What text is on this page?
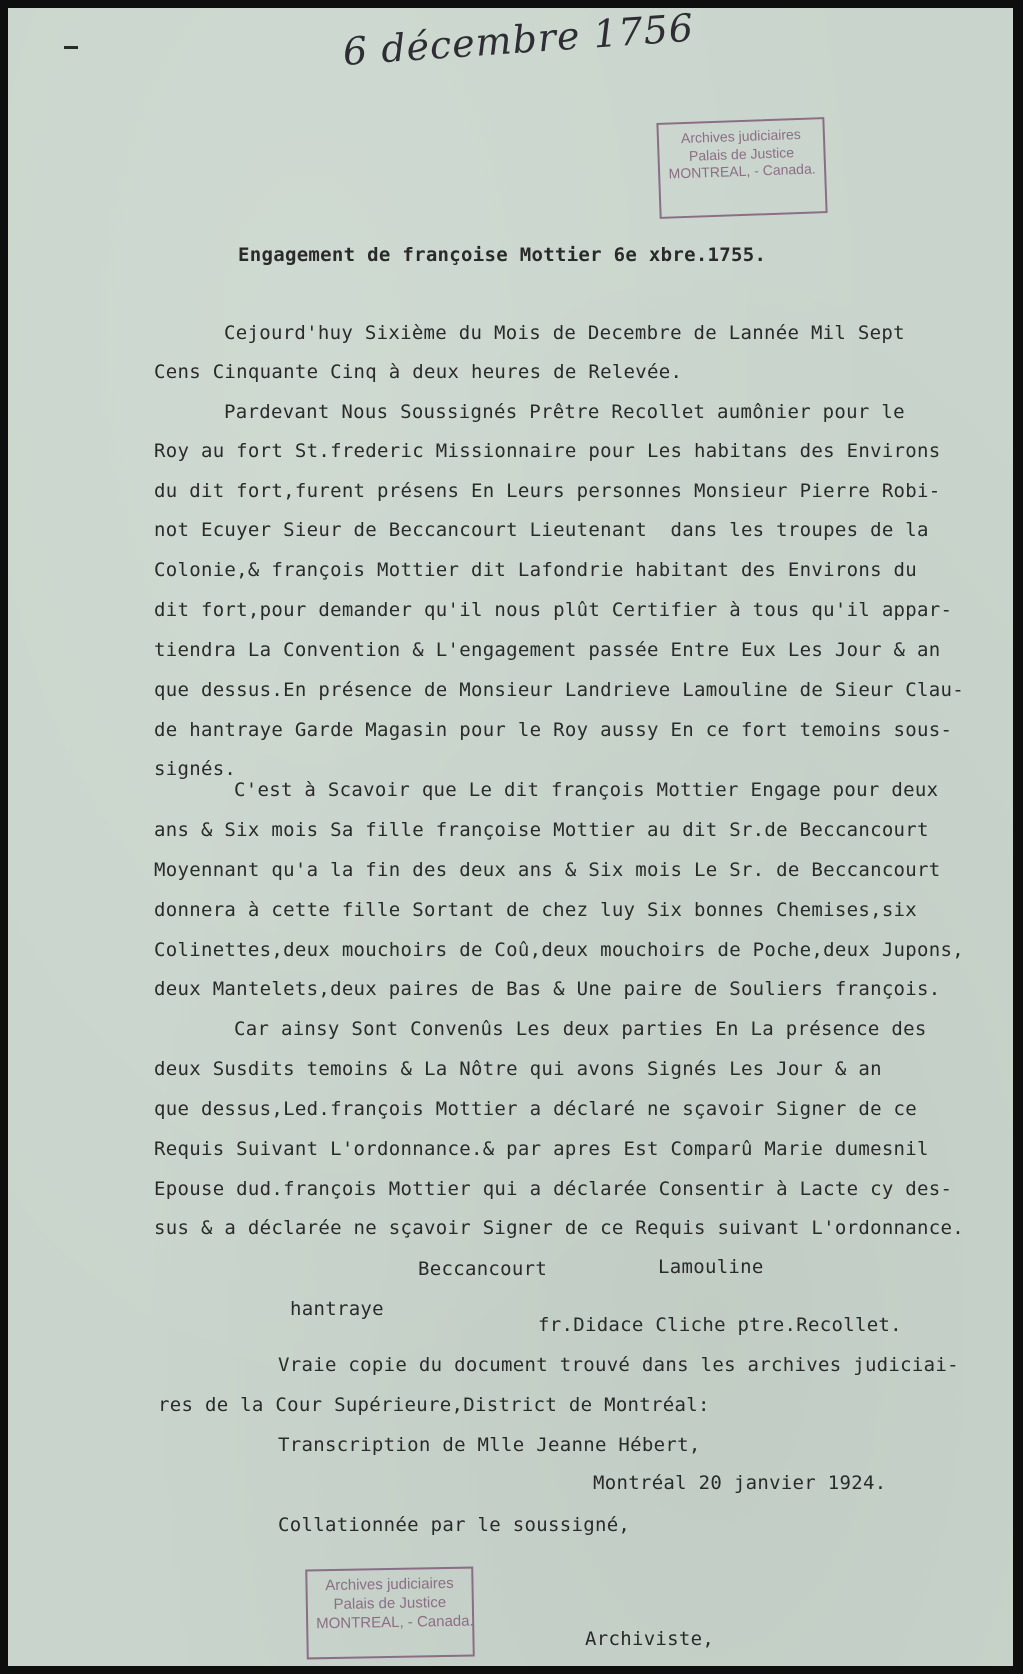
6 décembre 1756
Archives judiciaires
Palais de Justice
MONTREAL, - Canada.
Engagement de françoise Mottier 6e xbre.1755.
Cejourd'huy Sixième du Mois de Decembre de Lannée Mil Sept
Cens Cinquante Cinq à deux heures de Relevée.
Pardevant Nous Soussignés Prêtre Recollet aumônier pour le
Roy au fort St.frederic Missionnaire pour Les habitans des Environs
du dit fort,furent présens En Leurs personnes Monsieur Pierre Robi-
not Ecuyer Sieur de Beccancourt Lieutenant  dans les troupes de la
Colonie,& françois Mottier dit Lafondrie habitant des Environs du
dit fort,pour demander qu'il nous plût Certifier à tous qu'il appar-
tiendra La Convention & L'engagement passée Entre Eux Les Jour & an
que dessus.En présence de Monsieur Landrieve Lamouline de Sieur Clau-
de hantraye Garde Magasin pour le Roy aussy En ce fort temoins sous-
signés.
C'est à Scavoir que Le dit françois Mottier Engage pour deux
ans & Six mois Sa fille françoise Mottier au dit Sr.de Beccancourt
Moyennant qu'a la fin des deux ans & Six mois Le Sr. de Beccancourt
donnera à cette fille Sortant de chez luy Six bonnes Chemises,six
Colinettes,deux mouchoirs de Coû,deux mouchoirs de Poche,deux Jupons,
deux Mantelets,deux paires de Bas & Une paire de Souliers françois.
Car ainsy Sont Convenûs Les deux parties En La présence des
deux Susdits temoins & La Nôtre qui avons Signés Les Jour & an
que dessus,Led.françois Mottier a déclaré ne sçavoir Signer de ce
Requis Suivant L'ordonnance.& par apres Est Comparû Marie dumesnil
Epouse dud.françois Mottier qui a déclarée Consentir à Lacte cy des-
sus & a déclarée ne sçavoir Signer de ce Requis suivant L'ordonnance.
Beccancourt	Lamouline
hantraye
fr.Didace Cliche ptre.Recollet.
Vraie copie du document trouvé dans les archives judiciai-
res de la Cour Supérieure,District de Montréal:
Transcription de Mlle Jeanne Hébert,
Montréal 20 janvier 1924.
Collationnée par le soussigné,
Archives judiciaires
Palais de Justice
MONTREAL, - Canada.
Archiviste,
